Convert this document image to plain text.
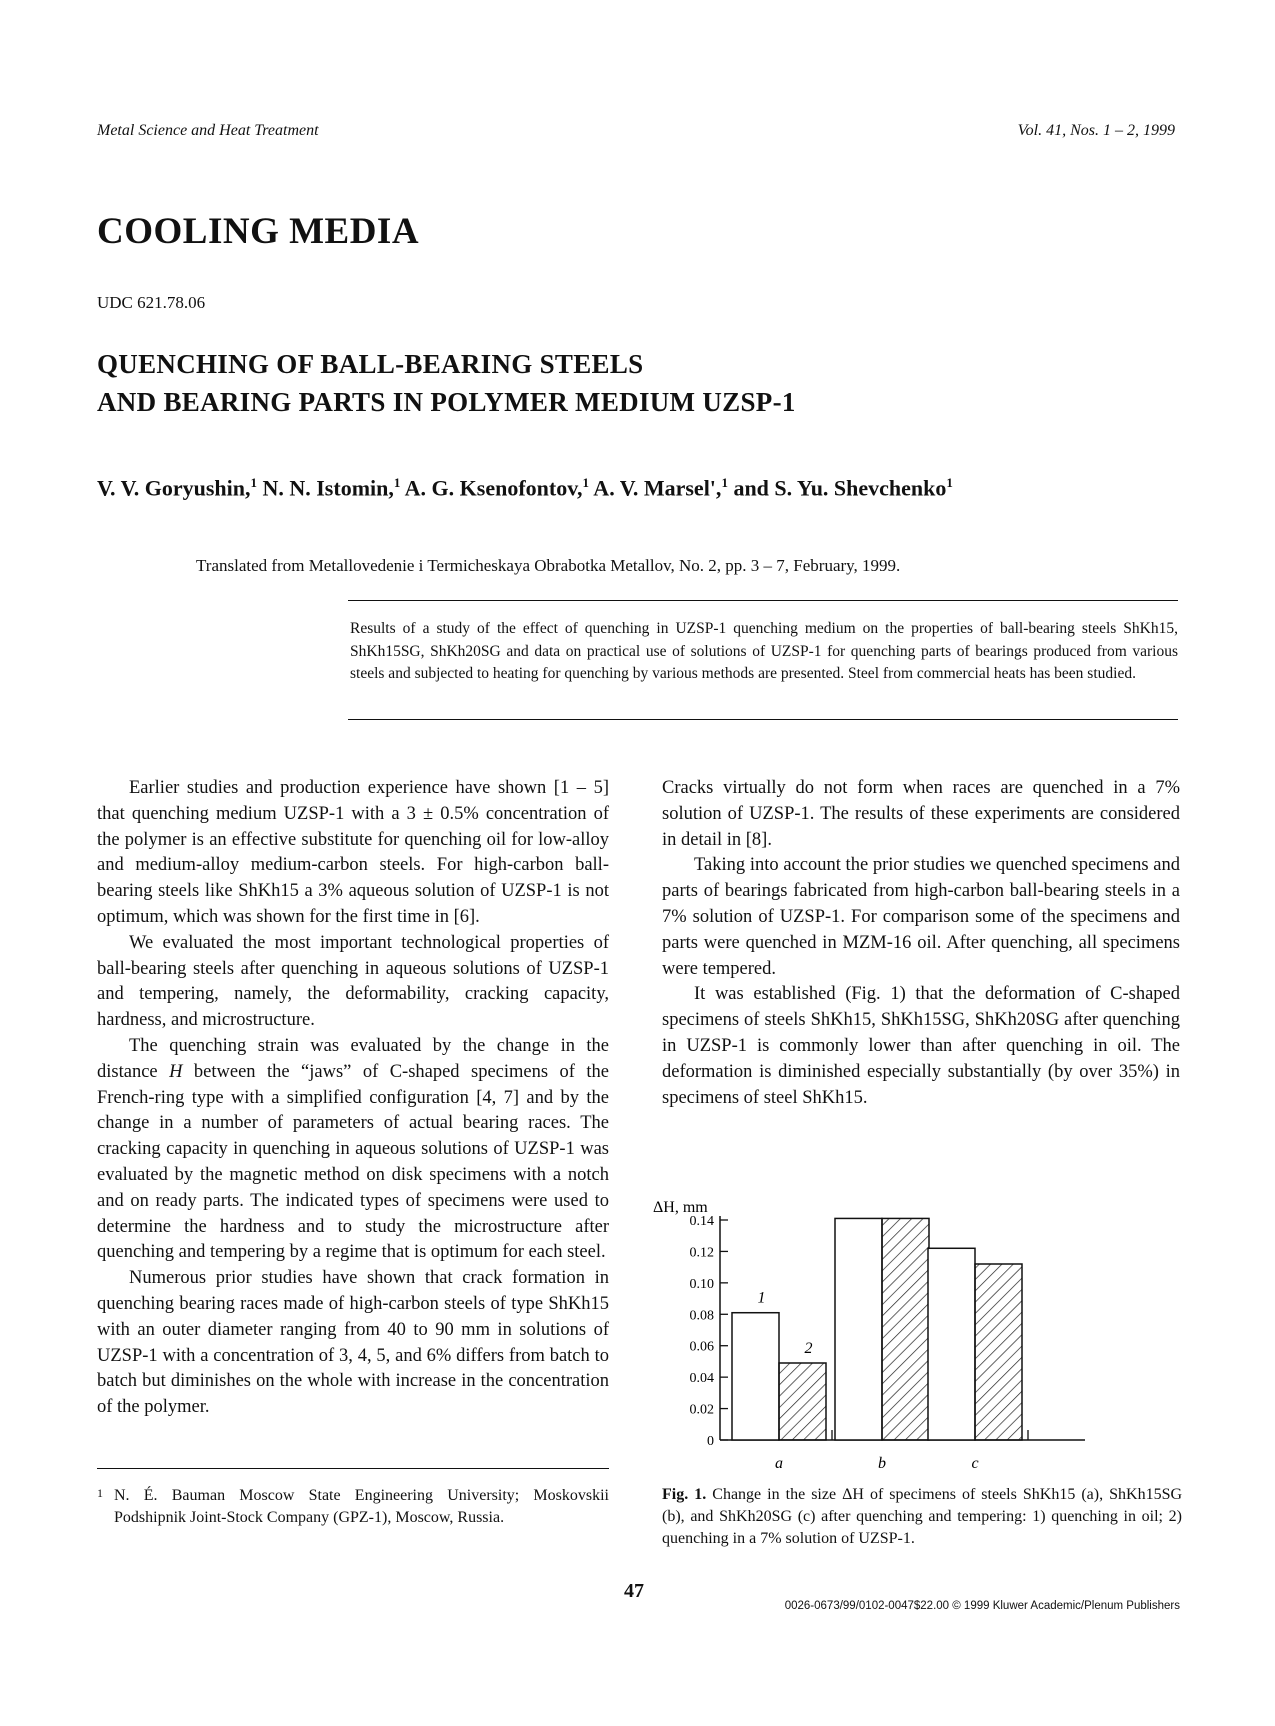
Metal Science and Heat Treatment	Vol. 41, Nos. 1 – 2, 1999
COOLING MEDIA
UDC 621.78.06
QUENCHING OF BALL-BEARING STEELS
AND BEARING PARTS IN POLYMER MEDIUM UZSP-1
V. V. Goryushin,$^1$ N. N. Istomin,$^1$ A. G. Ksenofontov,$^1$ A. V. Marsel',$^1$ and S. Yu. Shevchenko$^1$
Translated from Metallovedenie i Termicheskaya Obrabotka Metallov, No. 2, pp. 3 – 7, February, 1999.
Results of a study of the effect of quenching in UZSP-1 quenching medium on the properties of ball-bearing steels ShKh15, ShKh15SG, ShKh20SG and data on practical use of solutions of UZSP-1 for quenching parts of bearings produced from various steels and subjected to heating for quenching by various methods are presented. Steel from commercial heats has been studied.

Earlier studies and production experience have shown [1 – 5] that quenching medium UZSP-1 with a 3 ± 0.5% concentration of the polymer is an effective substitute for quenching oil for low-alloy and medium-alloy medium-carbon steels. For high-carbon ball-bearing steels like ShKh15 a 3% aqueous solution of UZSP-1 is not optimum, which was shown for the first time in [6].

We evaluated the most important technological properties of ball-bearing steels after quenching in aqueous solutions of UZSP-1 and tempering, namely, the deformability, cracking capacity, hardness, and microstructure.

The quenching strain was evaluated by the change in the distance H between the “jaws” of C-shaped specimens of the French-ring type with a simplified configuration [4, 7] and by the change in a number of parameters of actual bearing races. The cracking capacity in quenching in aqueous solutions of UZSP-1 was evaluated by the magnetic method on disk specimens with a notch and on ready parts. The indicated types of specimens were used to determine the hardness and to study the microstructure after quenching and tempering by a regime that is optimum for each steel.

Numerous prior studies have shown that crack formation in quenching bearing races made of high-carbon steels of type ShKh15 with an outer diameter ranging from 40 to 90 mm in solutions of UZSP-1 with a concentration of 3, 4, 5, and 6% differs from batch to batch but diminishes on the whole with increase in the concentration of the polymer.

Cracks virtually do not form when races are quenched in a 7% solution of UZSP-1. The results of these experiments are considered in detail in [8].

Taking into account the prior studies we quenched specimens and parts of bearings fabricated from high-carbon ball-bearing steels in a 7% solution of UZSP-1. For comparison some of the specimens and parts were quenched in MZM-16 oil. After quenching, all specimens were tempered.

It was established (Fig. 1) that the deformation of C-shaped specimens of steels ShKh15, ShKh15SG, ShKh20SG after quenching in UZSP-1 is commonly lower than after quenching in oil. The deformation is diminished especially substantially (by over 35%) in specimens of steel ShKh15.

ΔH, mm
0
0.02
0.04
0.06
0.08
0.10
0.12
0.14
a	b	c
1
2
1 N. É. Bauman Moscow State Engineering University; Moskovskii Podshipnik Joint-Stock Company (GPZ-1), Moscow, Russia.
Fig. 1. Change in the size ΔH of specimens of steels ShKh15 (a), ShKh15SG (b), and ShKh20SG (c) after quenching and tempering: 1) quenching in oil; 2) quenching in a 7% solution of UZSP-1.
47
0026-0673/99/0102-0047$22.00 © 1999 Kluwer Academic/Plenum Publishers
